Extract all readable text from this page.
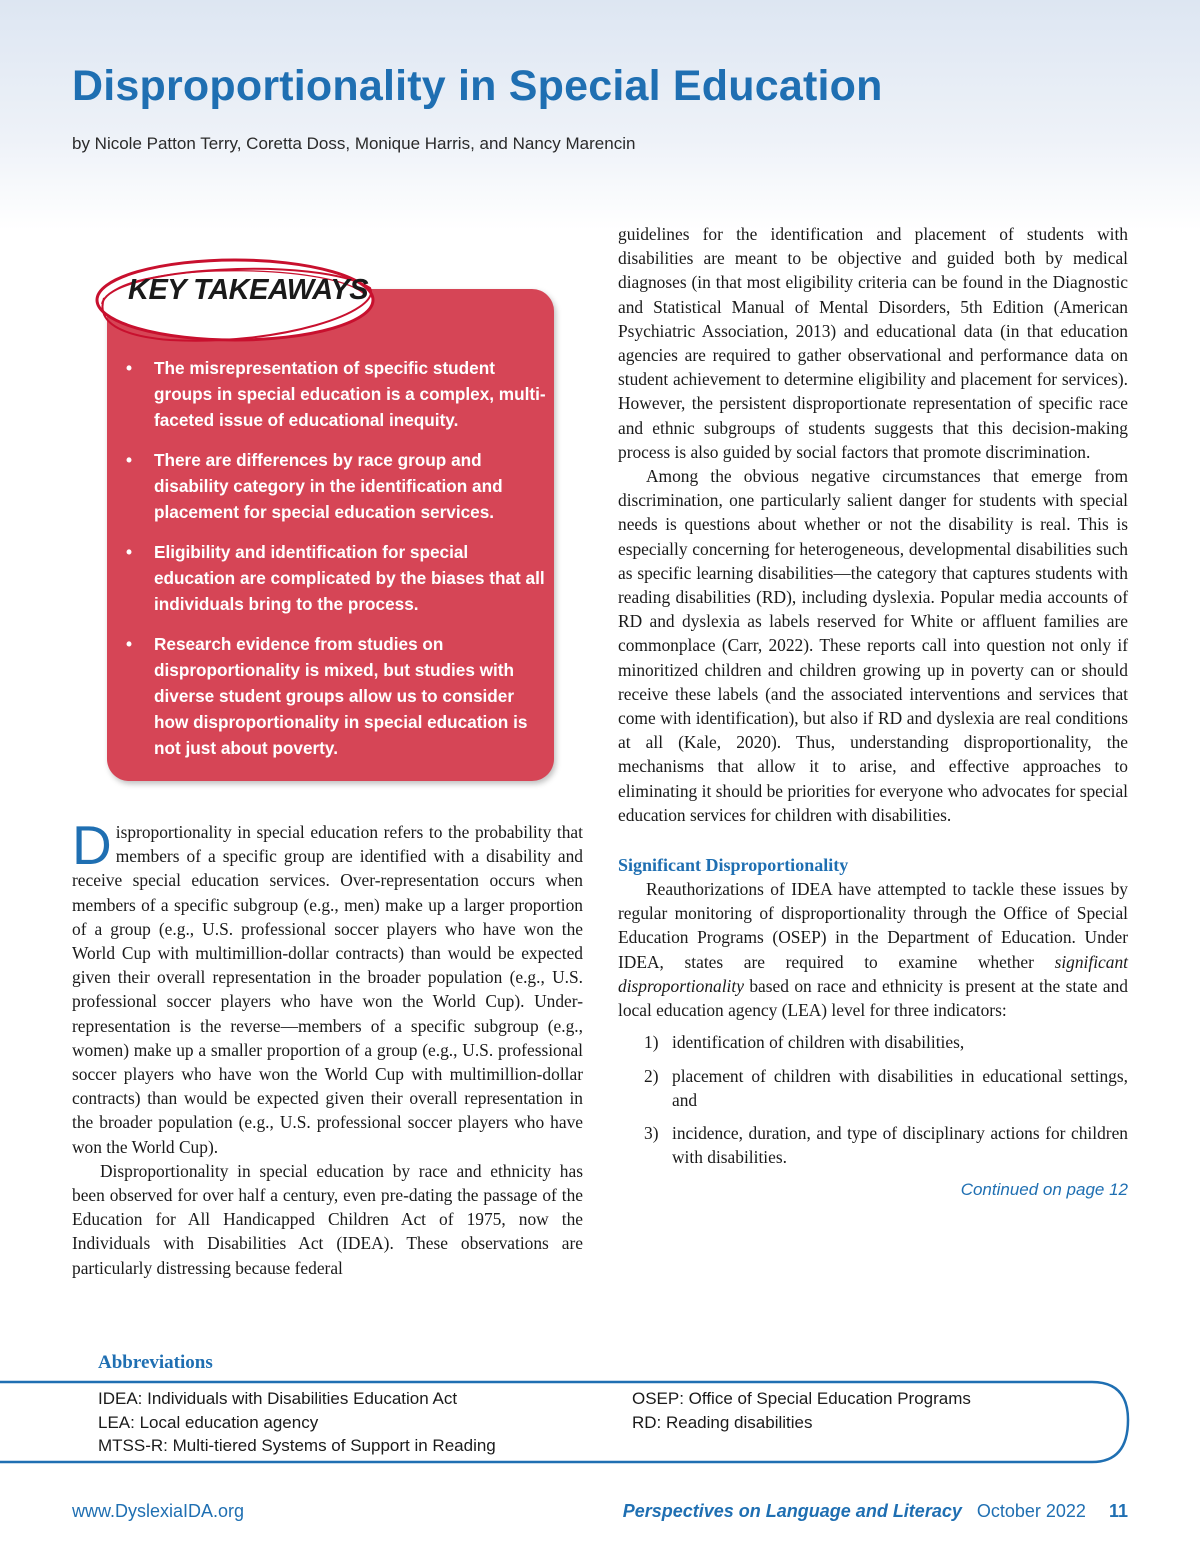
Disproportionality in Special Education
by Nicole Patton Terry, Coretta Doss, Monique Harris, and Nancy Marencin
KEY TAKEAWAYS
• The misrepresentation of specific student groups in special education is a complex, multi-faceted issue of educational inequity.
• There are differences by race group and disability category in the identification and placement for special education services.
• Eligibility and identification for special education are complicated by the biases that all individuals bring to the process.
• Research evidence from studies on disproportionality is mixed, but studies with diverse student groups allow us to consider how disproportionality in special education is not just about poverty.

Disproportionality in special education refers to the probability that members of a specific group are identified with a disability and receive special education services. Over-representation occurs when members of a specific subgroup (e.g., men) make up a larger proportion of a group (e.g., U.S. professional soccer players who have won the World Cup with multimillion-dollar contracts) than would be expected given their overall representation in the broader population (e.g., U.S. professional soccer players who have won the World Cup). Under-representation is the reverse—members of a specific subgroup (e.g., women) make up a smaller proportion of a group (e.g., U.S. professional soccer players who have won the World Cup with multimillion-dollar contracts) than would be expected given their overall representation in the broader population (e.g., U.S. professional soccer players who have won the World Cup).

Disproportionality in special education by race and ethnicity has been observed for over half a century, even pre-dating the passage of the Education for All Handicapped Children Act of 1975, now the Individuals with Disabilities Act (IDEA). These observations are particularly distressing because federal

guidelines for the identification and placement of students with disabilities are meant to be objective and guided both by medical diagnoses (in that most eligibility criteria can be found in the Diagnostic and Statistical Manual of Mental Disorders, 5th Edition (American Psychiatric Association, 2013) and educational data (in that education agencies are required to gather observational and performance data on student achievement to determine eligibility and placement for services). However, the persistent disproportionate representation of specific race and ethnic subgroups of students suggests that this decision-making process is also guided by social factors that promote discrimination.

Among the obvious negative circumstances that emerge from discrimination, one particularly salient danger for students with special needs is questions about whether or not the disability is real. This is especially concerning for heterogeneous, developmental disabilities such as specific learning disabilities—the category that captures students with reading disabilities (RD), including dyslexia. Popular media accounts of RD and dyslexia as labels reserved for White or affluent families are commonplace (Carr, 2022). These reports call into question not only if minoritized children and children growing up in poverty can or should receive these labels (and the associated interventions and services that come with identification), but also if RD and dyslexia are real conditions at all (Kale, 2020). Thus, understanding disproportionality, the mechanisms that allow it to arise, and effective approaches to eliminating it should be priorities for everyone who advocates for special education services for children with disabilities.

Significant Disproportionality

Reauthorizations of IDEA have attempted to tackle these issues by regular monitoring of disproportionality through the Office of Special Education Programs (OSEP) in the Department of Education. Under IDEA, states are required to examine whether significant disproportionality based on race and ethnicity is present at the state and local education agency (LEA) level for three indicators:

1) identification of children with disabilities,
2) placement of children with disabilities in educational settings, and
3) incidence, duration, and type of disciplinary actions for children with disabilities.
Continued on page 12
Abbreviations
IDEA: Individuals with Disabilities Education Act
LEA: Local education agency
MTSS-R: Multi-tiered Systems of Support in Reading
OSEP: Office of Special Education Programs
RD: Reading disabilities
www.DyslexiaIDA.org	Perspectives on Language and Literacy October 2022 11
